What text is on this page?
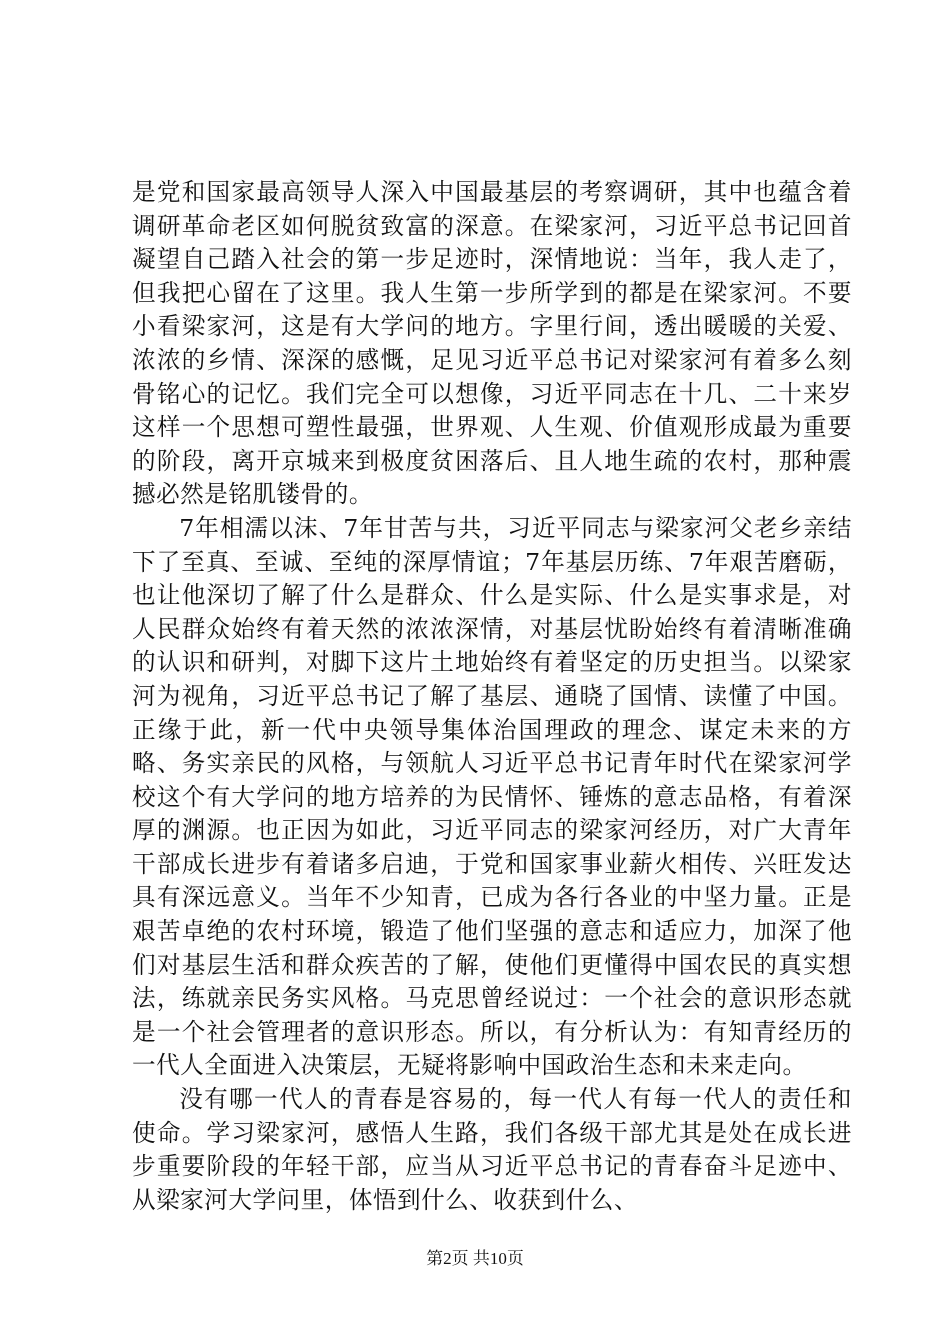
是党和国家最高领导人深入中国最基层的考察调研，其中也蕴含着调研革命老区如何脱贫致富的深意。在梁家河，习近平总书记回首凝望自己踏入社会的第一步足迹时，深情地说：当年，我人走了，但我把心留在了这里。我人生第一步所学到的都是在梁家河。不要小看梁家河，这是有大学问的地方。字里行间，透出暖暖的关爱、浓浓的乡情、深深的感慨，足见习近平总书记对梁家河有着多么刻骨铭心的记忆。我们完全可以想像，习近平同志在十几、二十来岁这样一个思想可塑性最强，世界观、人生观、价值观形成最为重要的阶段，离开京城来到极度贫困落后、且人地生疏的农村，那种震撼必然是铭肌镂骨的。

7年相濡以沫、7年甘苦与共，习近平同志与梁家河父老乡亲结下了至真、至诚、至纯的深厚情谊；7年基层历练、7年艰苦磨砺，也让他深切了解了什么是群众、什么是实际、什么是实事求是，对人民群众始终有着天然的浓浓深情，对基层忧盼始终有着清晰准确的认识和研判，对脚下这片土地始终有着坚定的历史担当。以梁家河为视角，习近平总书记了解了基层、通晓了国情、读懂了中国。正缘于此，新一代中央领导集体治国理政的理念、谋定未来的方略、务实亲民的风格，与领航人习近平总书记青年时代在梁家河学校这个有大学问的地方培养的为民情怀、锤炼的意志品格，有着深厚的渊源。也正因为如此，习近平同志的梁家河经历，对广大青年干部成长进步有着诸多启迪，于党和国家事业薪火相传、兴旺发达具有深远意义。当年不少知青，已成为各行各业的中坚力量。正是艰苦卓绝的农村环境，锻造了他们坚强的意志和适应力，加深了他们对基层生活和群众疾苦的了解，使他们更懂得中国农民的真实想法，练就亲民务实风格。马克思曾经说过：一个社会的意识形态就是一个社会管理者的意识形态。所以，有分析认为：有知青经历的一代人全面进入决策层，无疑将影响中国政治生态和未来走向。

没有哪一代人的青春是容易的，每一代人有每一代人的责任和使命。学习梁家河，感悟人生路，我们各级干部尤其是处在成长进步重要阶段的年轻干部，应当从习近平总书记的青春奋斗足迹中、从梁家河大学问里，体悟到什么、收获到什么、

第2页 共10页
